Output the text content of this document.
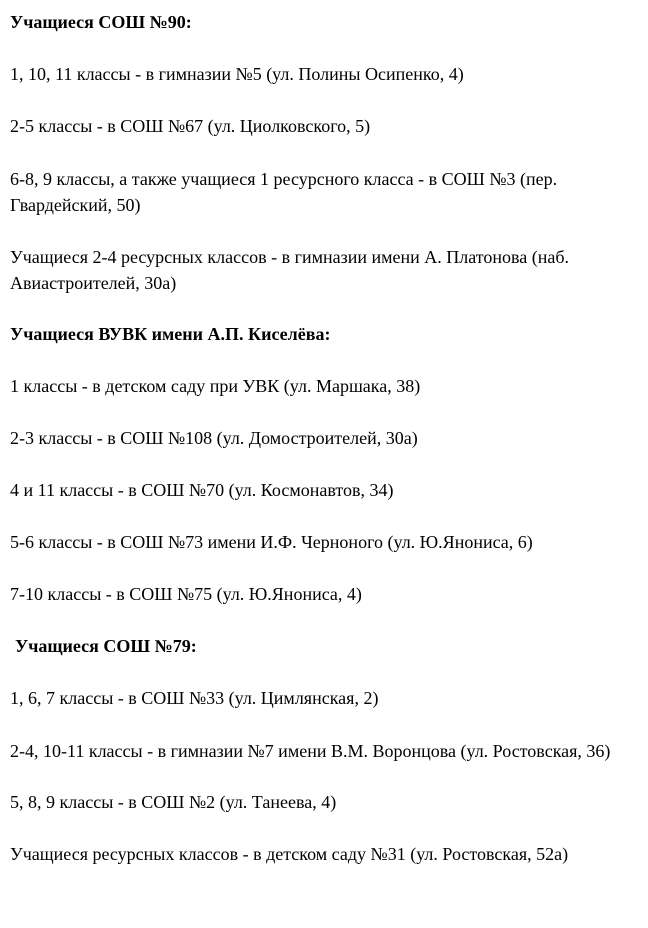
Учащиеся СОШ №90:
1, 10, 11 классы - в гимназии №5 (ул. Полины Осипенко, 4)
2-5 классы - в СОШ №67 (ул. Циолковского, 5)
6-8, 9 классы, а также учащиеся 1 ресурсного класса - в СОШ №3 (пер. Гвардейский, 50)
Учащиеся 2-4 ресурсных классов - в гимназии имени А. Платонова (наб. Авиастроителей, 30а)
Учащиеся ВУВК имени А.П. Киселёва:
1 классы - в детском саду при УВК (ул. Маршака, 38)
2-3 классы - в СОШ №108 (ул. Домостроителей, 30а)
4 и 11 классы - в СОШ №70 (ул. Космонавтов, 34)
5-6 классы - в СОШ №73 имени И.Ф. Черноного (ул. Ю.Янониса, 6)
7-10 классы - в СОШ №75 (ул. Ю.Янониса, 4)
Учащиеся СОШ №79:
1, 6, 7 классы - в СОШ №33 (ул. Цимлянская, 2)
2-4, 10-11 классы - в гимназии №7 имени В.М. Воронцова (ул. Ростовская, 36)
5, 8, 9 классы - в СОШ №2 (ул. Танеева, 4)
Учащиеся ресурсных классов - в детском саду №31 (ул. Ростовская, 52а)
